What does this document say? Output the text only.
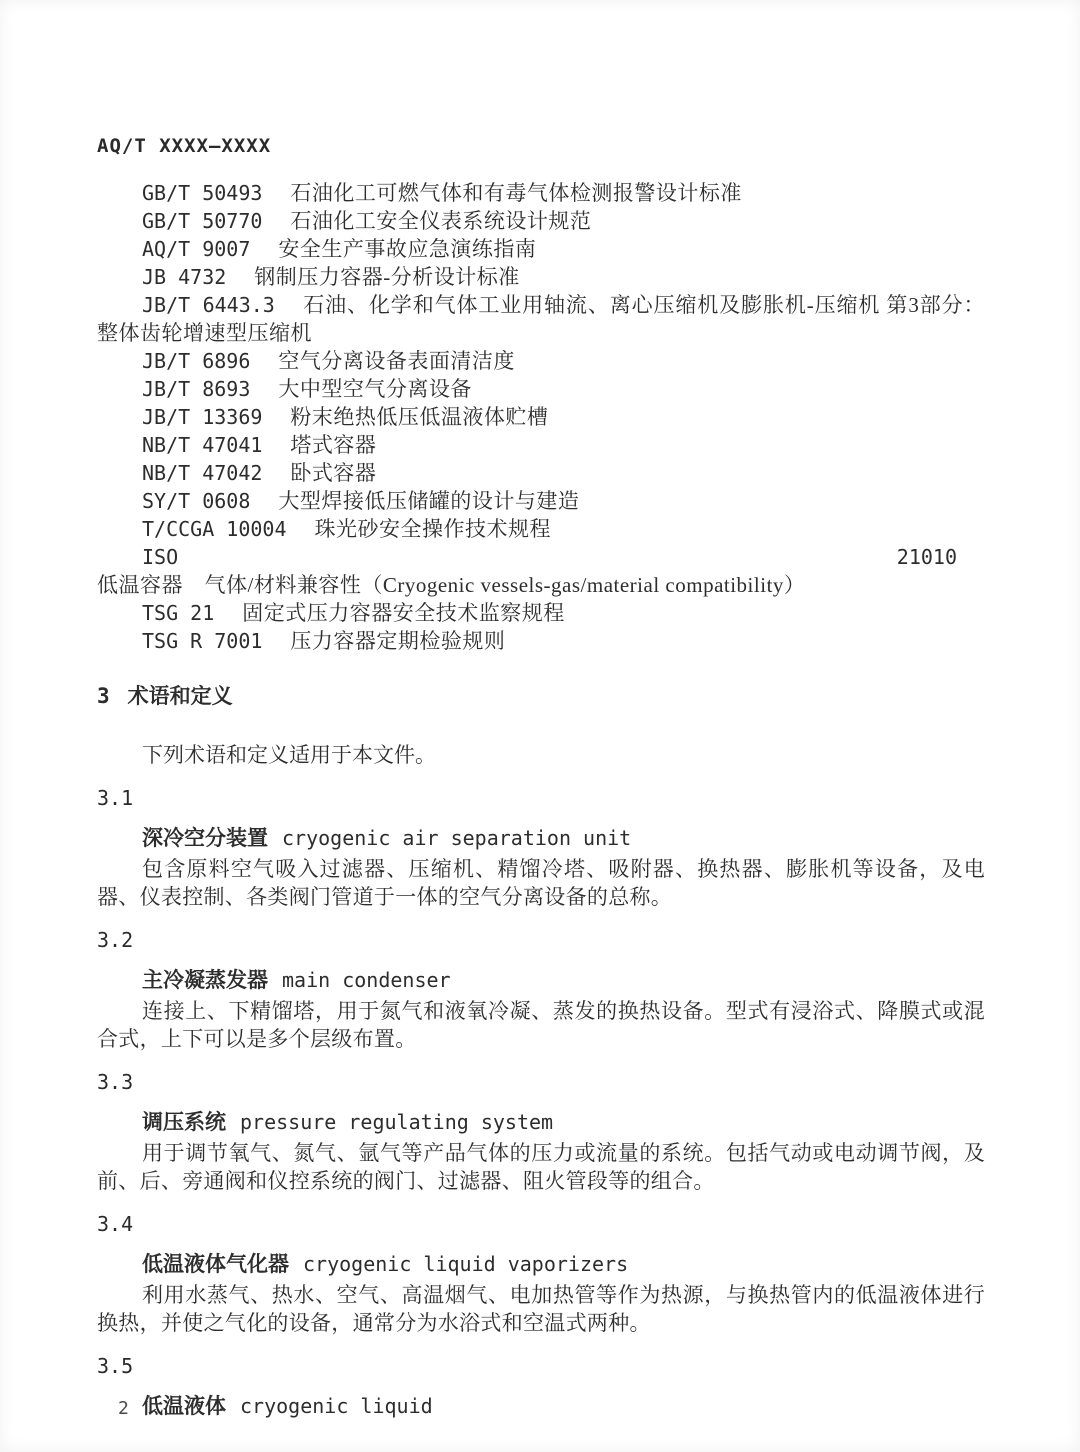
AQ/T XXXX—XXXX

GB/T 50493 石油化工可燃气体和有毒气体检测报警设计标准

GB/T 50770 石油化工安全仪表系统设计规范

AQ/T 9007 安全生产事故应急演练指南

JB 4732 钢制压力容器-分析设计标准

JB/T 6443.3 石油、化学和气体工业用轴流、离心压缩机及膨胀机-压缩机 第3部分：整体齿轮增速型压缩机

JB/T 6896 空气分离设备表面清洁度

JB/T 8693 大中型空气分离设备

JB/T 13369 粉末绝热低压低温液体贮槽

NB/T 47041 塔式容器

NB/T 47042 卧式容器

SY/T 0608 大型焊接低压储罐的设计与建造

T/CCGA 10004 珠光砂安全操作技术规程

ISO 21010低温容器　气体/材料兼容性（Cryogenic vessels-gas/material compatibility）

TSG 21 固定式压力容器安全技术监察规程

TSG R 7001 压力容器定期检验规则

3 术语和定义

下列术语和定义适用于本文件。

3.1

深冷空分装置 cryogenic air separation unit

包含原料空气吸入过滤器、压缩机、精馏冷塔、吸附器、换热器、膨胀机等设备，及电器、仪表控制、各类阀门管道于一体的空气分离设备的总称。

3.2

主冷凝蒸发器 main condenser

连接上、下精馏塔，用于氮气和液氧冷凝、蒸发的换热设备。型式有浸浴式、降膜式或混合式，上下可以是多个层级布置。

3.3

调压系统 pressure regulating system

用于调节氧气、氮气、氩气等产品气体的压力或流量的系统。包括气动或电动调节阀，及前、后、旁通阀和仪控系统的阀门、过滤器、阻火管段等的组合。

3.4

低温液体气化器 cryogenic liquid vaporizers

利用水蒸气、热水、空气、高温烟气、电加热管等作为热源，与换热管内的低温液体进行换热，并使之气化的设备，通常分为水浴式和空温式两种。

3.5

低温液体 cryogenic liquid

2
